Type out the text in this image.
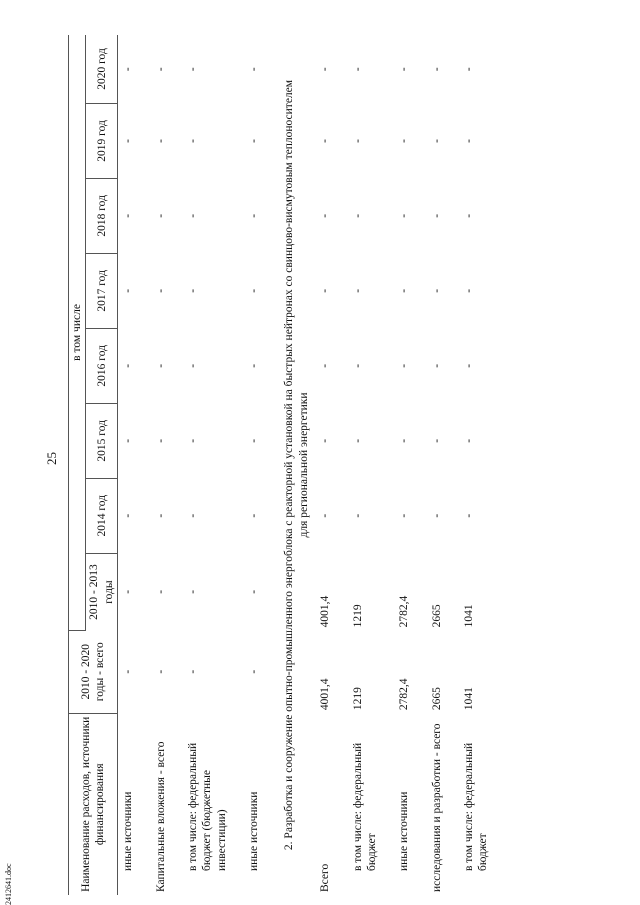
25
Наименование расходов, источники финансирования	2010 - 2020 годы - всего	в том числе							
		2010 - 2013 годы	2014 год	2015 год	2016 год	2017 год	2018 год	2019 год	2020 год
иные источники	-	-	-	-	-	-	-	-	-

Капитальные вложения - всего	-	-	-	-	-	-	-	-	-

в том числе: федеральный бюджет (бюджетные инвестиции)	-	-	-	-	-	-	-	-	-

иные источники	-	-	-	-	-	-	-	-	-

2. Разработка и сооружение опытно-промышленного энергоблока с реакторной установкой на быстрых нейтронах со свинцово-висмутовым теплоносителем для региональной энергетики									
Всего	4001,4	4001,4	-	-	-	-	-	-	-

в том числе: федеральный бюджет	1219	1219	-	-	-	-	-	-	-

иные источники	2782,4	2782,4	-	-	-	-	-	-	-

исследования и разработки - всего	2665	2665	-	-	-	-	-	-	-

в том числе: федеральный бюджет	1041	1041	-	-	-	-	-	-	-

2412641.doc
